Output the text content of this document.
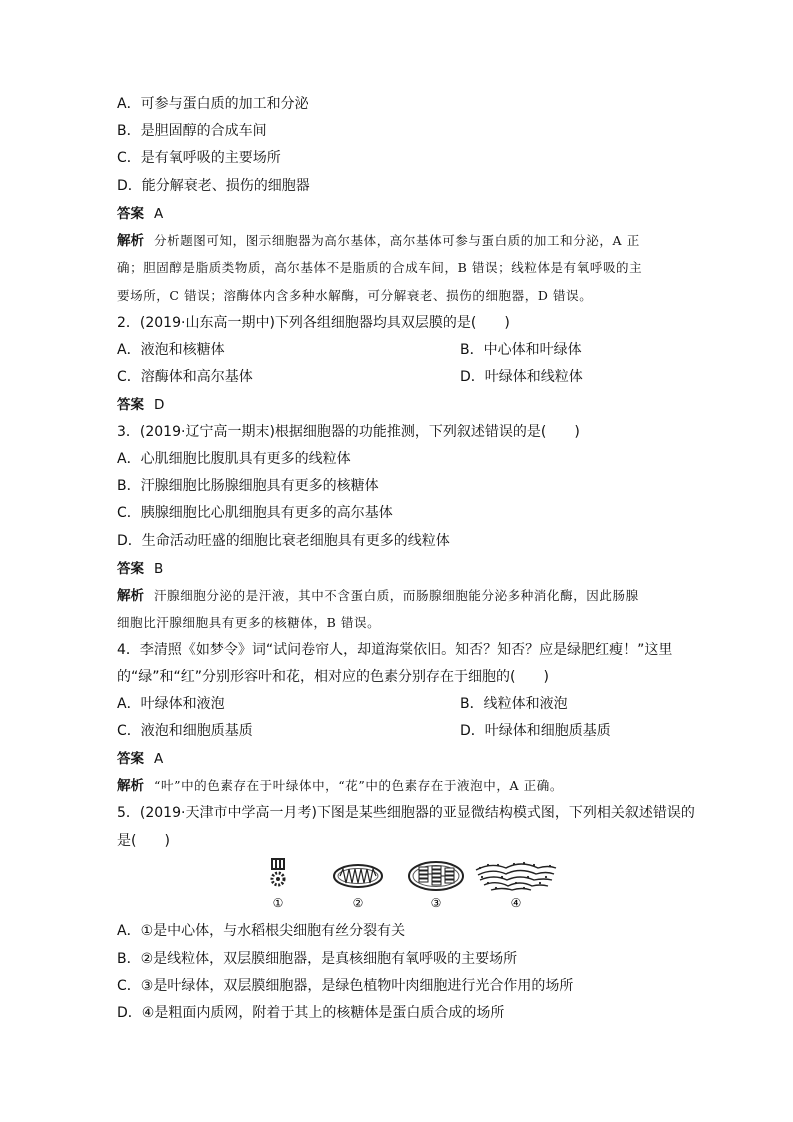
A．可参与蛋白质的加工和分泌
B．是胆固醇的合成车间
C．是有氧呼吸的主要场所
D．能分解衰老、损伤的细胞器
答案 A
解析 分析题图可知，图示细胞器为高尔基体，高尔基体可参与蛋白质的加工和分泌，A 正
确；胆固醇是脂质类物质，高尔基体不是脂质的合成车间，B 错误；线粒体是有氧呼吸的主
要场所，C 错误；溶酶体内含多种水解酶，可分解衰老、损伤的细胞器，D 错误。
2．(2019·山东高一期中)下列各组细胞器均具双层膜的是(　　)
A．液泡和核糖体	B．中心体和叶绿体
C．溶酶体和高尔基体	D．叶绿体和线粒体
答案 D
3．(2019·辽宁高一期末)根据细胞器的功能推测，下列叙述错误的是(　　)
A．心肌细胞比腹肌具有更多的线粒体
B．汗腺细胞比肠腺细胞具有更多的核糖体
C．胰腺细胞比心肌细胞具有更多的高尔基体
D．生命活动旺盛的细胞比衰老细胞具有更多的线粒体
答案 B
解析 汗腺细胞分泌的是汗液，其中不含蛋白质，而肠腺细胞能分泌多种消化酶，因此肠腺
细胞比汗腺细胞具有更多的核糖体，B 错误。
4．李清照《如梦令》词“试问卷帘人，却道海棠依旧。知否？知否？应是绿肥红瘦！”这里
的“绿”和“红”分别形容叶和花，相对应的色素分别存在于细胞的(　　)
A．叶绿体和液泡	B．线粒体和液泡
C．液泡和细胞质基质	D．叶绿体和细胞质基质
答案 A
解析 “叶”中的色素存在于叶绿体中，“花”中的色素存在于液泡中，A 正确。
5．(2019·天津市中学高一月考)下图是某些细胞器的亚显微结构模式图，下列相关叙述错误的
是(　　)
①	②	③	④
A．①是中心体，与水稻根尖细胞有丝分裂有关
B．②是线粒体，双层膜细胞器，是真核细胞有氧呼吸的主要场所
C．③是叶绿体，双层膜细胞器，是绿色植物叶肉细胞进行光合作用的场所
D．④是粗面内质网，附着于其上的核糖体是蛋白质合成的场所
